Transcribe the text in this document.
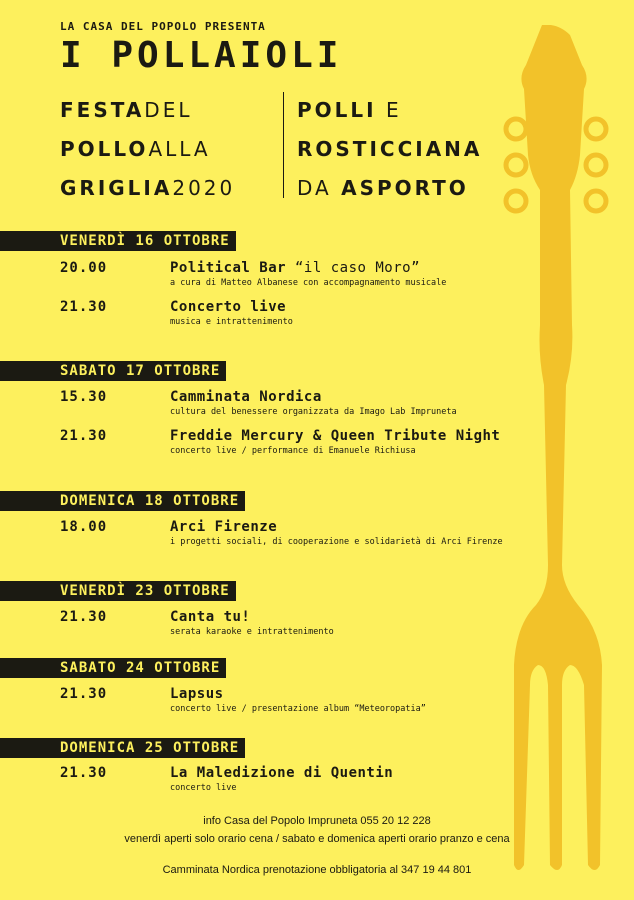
LA CASA DEL POPOLO PRESENTA
I POLLAIOLI
FESTADEL
POLLOALLA
GRIGLIA2020
POLLI E
ROSTICCIANA
DA ASPORTO
VENERDÌ 16 OTTOBRE
20.00	Political Bar “il caso Moro”
a cura di Matteo Albanese con accompagnamento musicale
21.30	Concerto live
musica e intrattenimento
SABATO 17 OTTOBRE
15.30	Camminata Nordica
cultura del benessere organizzata da Imago Lab Impruneta
21.30	Freddie Mercury & Queen Tribute Night
concerto live / performance di Emanuele Richiusa
DOMENICA 18 OTTOBRE
18.00	Arci Firenze
i progetti sociali, di cooperazione e solidarietà di Arci Firenze
VENERDÌ 23 OTTOBRE
21.30	Canta tu!
serata karaoke e intrattenimento
SABATO 24 OTTOBRE
21.30	Lapsus
concerto live / presentazione album “Meteoropatia”
DOMENICA 25 OTTOBRE
21.30	La Maledizione di Quentin
concerto live
info Casa del Popolo Impruneta 055 20 12 228
venerdì aperti solo orario cena / sabato e domenica aperti orario pranzo e cena
Camminata Nordica prenotazione obbligatoria al 347 19 44 801
